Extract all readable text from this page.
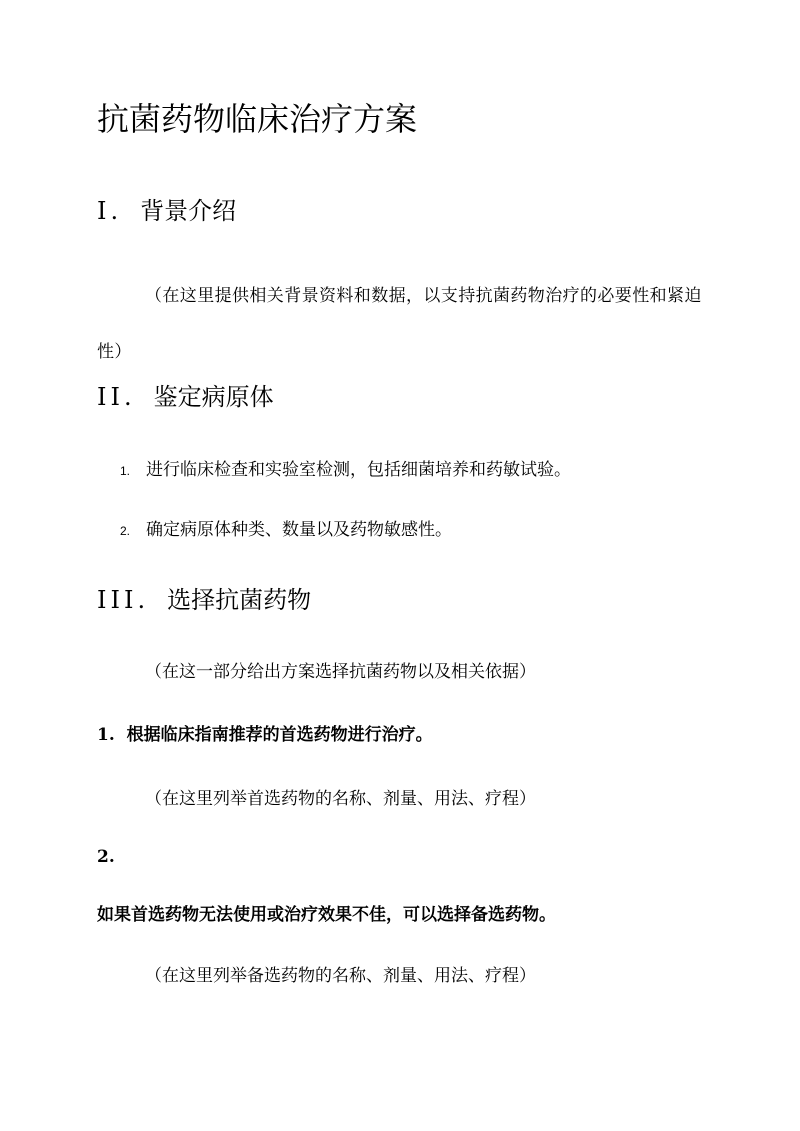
抗菌药物临床治疗方案
I. 背景介绍

（在这里提供相关背景资料和数据，以支持抗菌药物治疗的必要性和紧迫性）

II. 鉴定病原体
1. 进行临床检查和实验室检测，包括细菌培养和药敏试验。
2. 确定病原体种类、数量以及药物敏感性。
III. 选择抗菌药物

（在这一部分给出方案选择抗菌药物以及相关依据）

1. 根据临床指南推荐的首选药物进行治疗。

（在这里列举首选药物的名称、剂量、用法、疗程）

2.

如果首选药物无法使用或治疗效果不佳，可以选择备选药物。

（在这里列举备选药物的名称、剂量、用法、疗程）
